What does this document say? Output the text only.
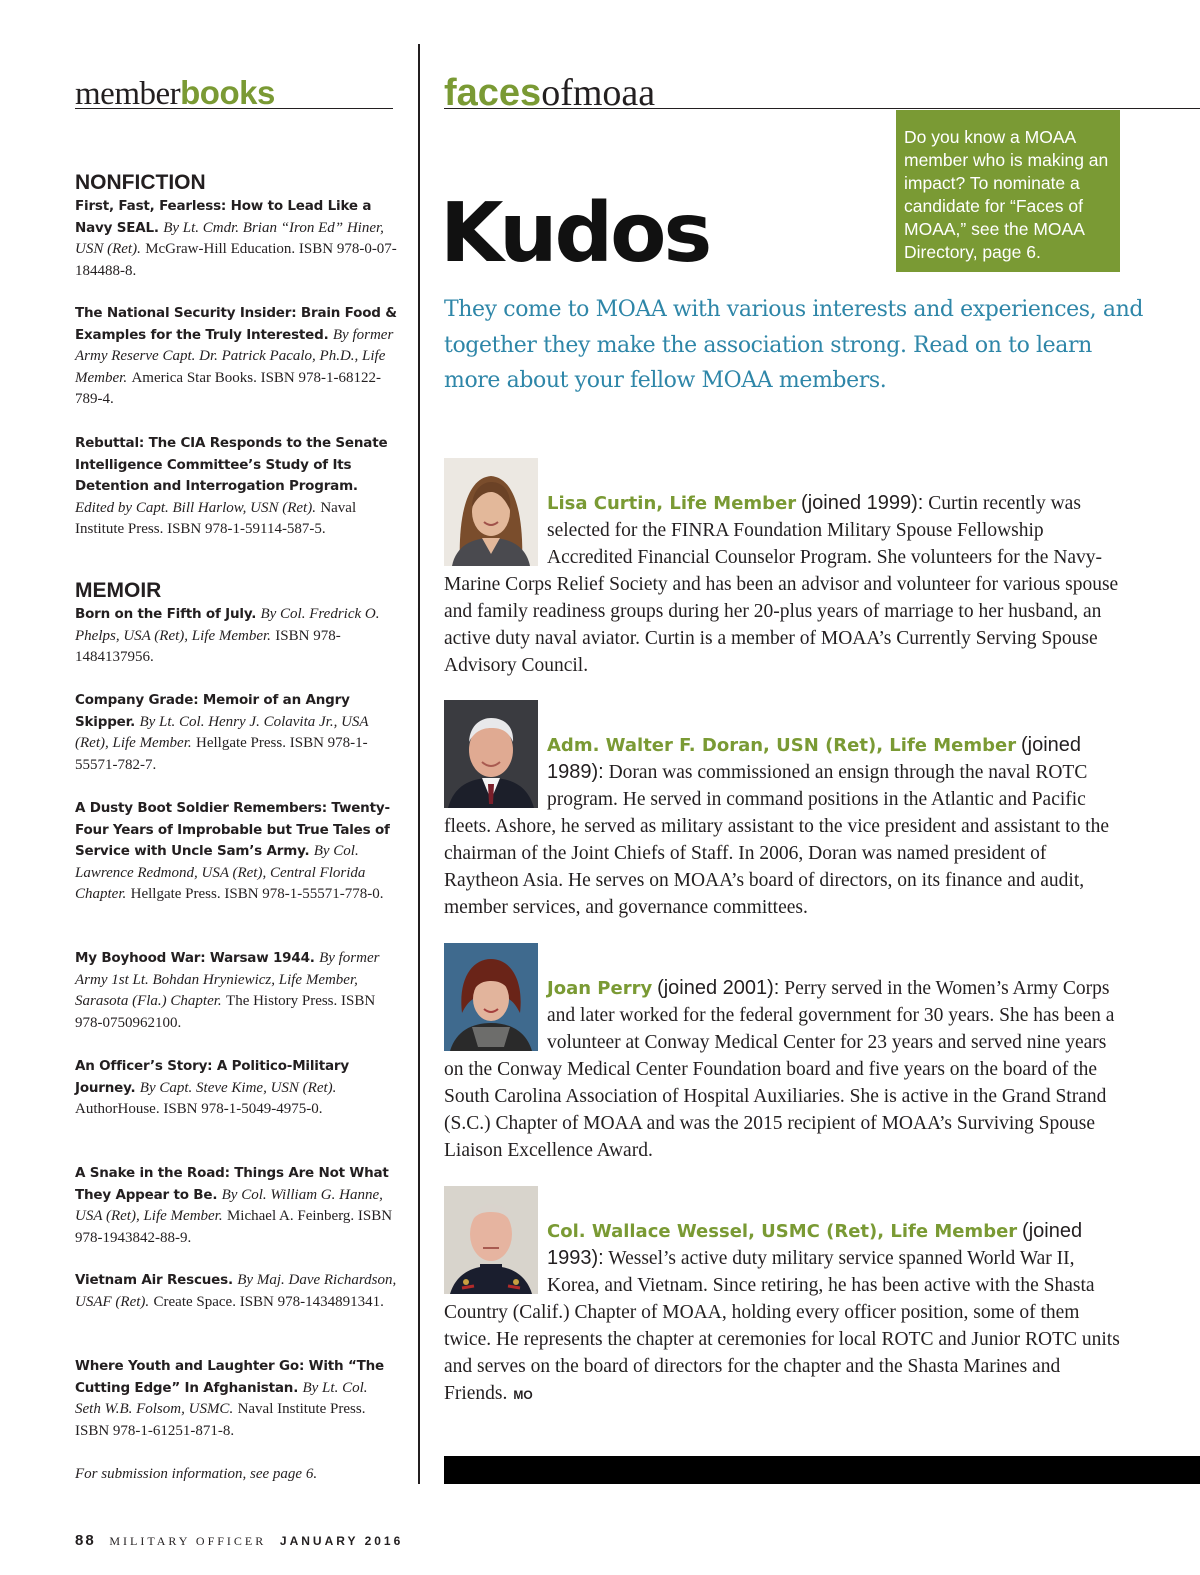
memberbooks
NONFICTION
First, Fast, Fearless: How to Lead Like a Navy SEAL. By Lt. Cmdr. Brian “Iron Ed” Hiner, USN (Ret). McGraw-Hill Education. ISBN 978-0-07-184488-8.
The National Security Insider: Brain Food & Examples for the Truly Interested. By former Army Reserve Capt. Dr. Patrick Pacalo, Ph.D., Life Member. America Star Books. ISBN 978-1-68122-789-4.
Rebuttal: The CIA Responds to the Senate Intelligence Committee’s Study of Its Detention and Interrogation Program. Edited by Capt. Bill Harlow, USN (Ret). Naval Institute Press. ISBN 978-1-59114-587-5.
MEMOIR
Born on the Fifth of July. By Col. Fredrick O. Phelps, USA (Ret), Life Member. ISBN 978-1484137956.
Company Grade: Memoir of an Angry Skipper. By Lt. Col. Henry J. Colavita Jr., USA (Ret), Life Member. Hellgate Press. ISBN 978-1-55571-782-7.
A Dusty Boot Soldier Remembers: Twenty-Four Years of Improbable but True Tales of Service with Uncle Sam’s Army. By Col. Lawrence Redmond, USA (Ret), Central Florida Chapter. Hellgate Press. ISBN 978-1-55571-778-0.
My Boyhood War: Warsaw 1944. By former Army 1st Lt. Bohdan Hryniewicz, Life Member, Sarasota (Fla.) Chapter. The History Press. ISBN 978-0750962100.
An Officer’s Story: A Politico-Military Journey. By Capt. Steve Kime, USN (Ret). AuthorHouse. ISBN 978-1-5049-4975-0.
A Snake in the Road: Things Are Not What They Appear to Be. By Col. William G. Hanne, USA (Ret), Life Member. Michael A. Feinberg. ISBN 978-1943842-88-9.
Vietnam Air Rescues. By Maj. Dave Richardson, USAF (Ret). Create Space. ISBN 978-1434891341.
Where Youth and Laughter Go: With “The Cutting Edge” In Afghanistan. By Lt. Col. Seth W.B. Folsom, USMC. Naval Institute Press. ISBN 978-1-61251-871-8.
For submission information, see page 6.
88 MILITARY OFFICER JANUARY 2016
facesofmoaa
Kudos
Do you know a MOAA member who is making an impact? To nominate a candidate for “Faces of MOAA,” see the MOAA Directory, page 6.
They come to MOAA with various interests and experiences, and together they make the association strong. Read on to learn more about your fellow MOAA members.

Lisa Curtin, Life Member (joined 1999): Curtin recently was selected for the FINRA Foundation Military Spouse Fellowship Accredited Financial Counselor Program. She volunteers for the Navy-Marine Corps Relief Society and has been an advisor and volunteer for various spouse and family readiness groups during her 20-plus years of marriage to her husband, an active duty naval aviator. Curtin is a member of MOAA’s Currently Serving Spouse Advisory Council.

Adm. Walter F. Doran, USN (Ret), Life Member (joined 1989): Doran was commissioned an ensign through the naval ROTC program. He served in command positions in the Atlantic and Pacific fleets. Ashore, he served as military assistant to the vice president and assistant to the chairman of the Joint Chiefs of Staff. In 2006, Doran was named president of Raytheon Asia. He serves on MOAA’s board of directors, on its finance and audit, member services, and governance committees.

Joan Perry (joined 2001): Perry served in the Women’s Army Corps and later worked for the federal government for 30 years. She has been a volunteer at Conway Medical Center for 23 years and served nine years on the Conway Medical Center Foundation board and five years on the board of the South Carolina Association of Hospital Auxiliaries. She is active in the Grand Strand (S.C.) Chapter of MOAA and was the 2015 recipient of MOAA’s Surviving Spouse Liaison Excellence Award.

Col. Wallace Wessel, USMC (Ret), Life Member (joined 1993): Wessel’s active duty military service spanned World War II, Korea, and Vietnam. Since retiring, he has been active with the Shasta Country (Calif.) Chapter of MOAA, holding every officer position, some of them twice. He represents the chapter at ceremonies for local ROTC and Junior ROTC units and serves on the board of directors for the chapter and the Shasta Marines and Friends. MO
